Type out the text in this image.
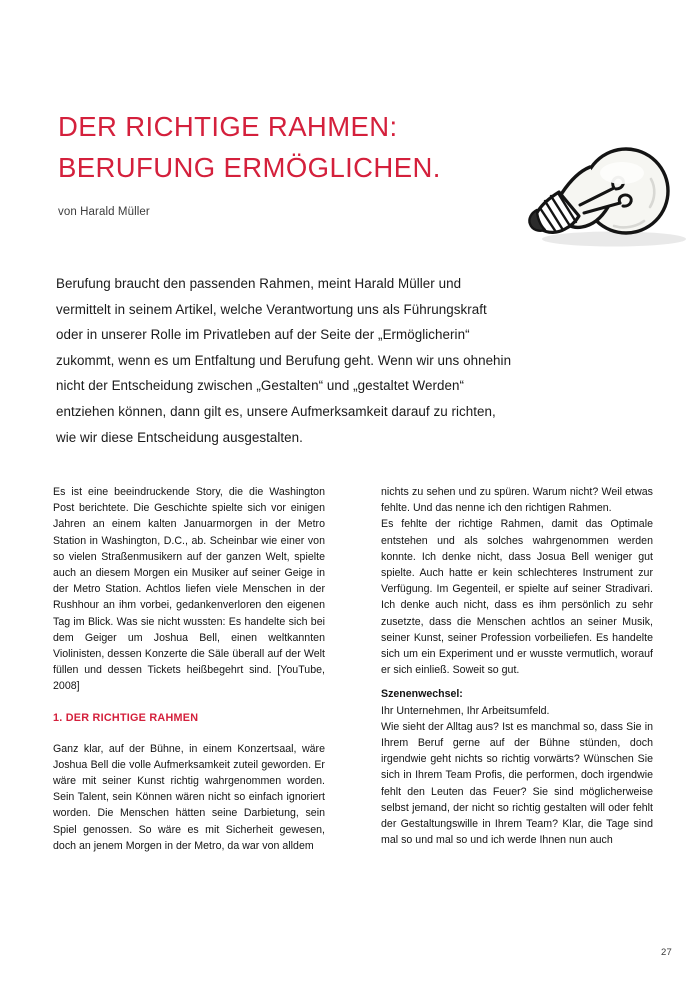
DER RICHTIGE RAHMEN:
BERUFUNG ERMÖGLICHEN.
von Harald Müller

Berufung braucht den passenden Rahmen, meint Harald Müller und

vermittelt in seinem Artikel, welche Verantwortung uns als Führungskraft

oder in unserer Rolle im Privatleben auf der Seite der „Ermöglicherin“

zukommt, wenn es um Entfaltung und Berufung geht. Wenn wir uns ohnehin

nicht der Entscheidung zwischen „Gestalten“ und „gestaltet Werden“

entziehen können, dann gilt es, unsere Aufmerksamkeit darauf zu richten,

wie wir diese Entscheidung ausgestalten.

Es ist eine beeindruckende Story, die die Washington Post berichtete. Die Geschichte spielte sich vor einigen Jahren an einem kalten Januarmorgen in der Metro Station in Washington, D.C., ab. Scheinbar wie einer von so vielen Straßenmusikern auf der ganzen Welt, spielte auch an diesem Morgen ein Musiker auf seiner Geige in der Metro Station. Achtlos liefen viele Menschen in der Rushhour an ihm vorbei, gedankenverloren den eigenen Tag im Blick. Was sie nicht wussten: Es handelte sich bei dem Geiger um Joshua Bell, einen weltkannten Violinisten, dessen Konzerte die Säle überall auf der Welt füllen und dessen Tickets heißbegehrt sind. [YouTube, 2008]

1. DER RICHTIGE RAHMEN

Ganz klar, auf der Bühne, in einem Konzertsaal, wäre Joshua Bell die volle Aufmerksamkeit zuteil geworden. Er wäre mit seiner Kunst richtig wahrgenommen worden. Sein Talent, sein Können wären nicht so einfach ignoriert worden. Die Menschen hätten seine Darbietung, sein Spiel genossen. So wäre es mit Sicherheit gewesen, doch an jenem Morgen in der Metro, da war von alldem

nichts zu sehen und zu spüren. Warum nicht? Weil etwas fehlte. Und das nenne ich den richtigen Rahmen.

Es fehlte der richtige Rahmen, damit das Optimale entstehen und als solches wahrgenommen werden konnte. Ich denke nicht, dass Josua Bell weniger gut spielte. Auch hatte er kein schlechteres Instrument zur Verfügung. Im Gegenteil, er spielte auf seiner Stradivari. Ich denke auch nicht, dass es ihm persönlich zu sehr zusetzte, dass die Menschen achtlos an seiner Musik, seiner Kunst, seiner Profession vorbeiliefen. Es handelte sich um ein Experiment und er wusste vermutlich, worauf er sich einließ. Soweit so gut.

Szenenwechsel:

Ihr Unternehmen, Ihr Arbeitsumfeld.

Wie sieht der Alltag aus? Ist es manchmal so, dass Sie in Ihrem Beruf gerne auf der Bühne stünden, doch irgendwie geht nichts so richtig vorwärts? Wünschen Sie sich in Ihrem Team Profis, die performen, doch irgendwie fehlt den Leuten das Feuer? Sie sind möglicherweise selbst jemand, der nicht so richtig gestalten will oder fehlt der Gestaltungswille in Ihrem Team? Klar, die Tage sind mal so und mal so und ich werde Ihnen nun auch

27
